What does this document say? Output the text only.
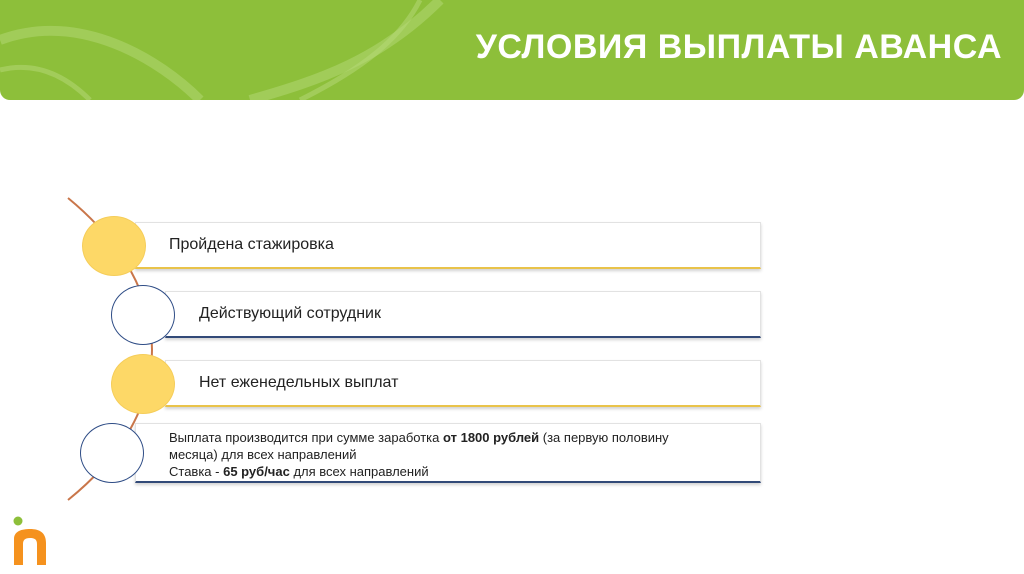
УСЛОВИЯ ВЫПЛАТЫ АВАНСА
Пройдена стажировка
Действующий сотрудник
Нет еженедельных выплат
Выплата производится при сумме заработка от 1800 рублей (за первую половину
месяца) для всех направлений
Ставка - 65 руб/час для всех направлений
